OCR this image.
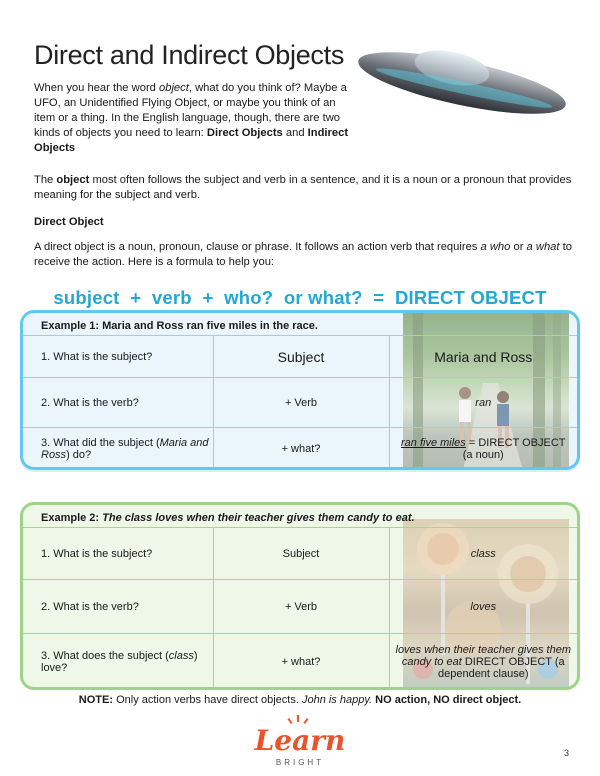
Direct and Indirect Objects
When you hear the word object, what do you think of? Maybe a UFO, an Unidentified Flying Object, or maybe you think of an item or a thing. In the English language, though, there are two kinds of objects you need to learn: Direct Objects and Indirect Objects
The object most often follows the subject and verb in a sentence, and it is a noun or a pronoun that provides meaning for the subject and verb.
Direct Object
A direct object is a noun, pronoun, clause or phrase. It follows an action verb that requires a who or a what to receive the action. Here is a formula to help you:
subject  +  verb  +  who?  or what?  =  DIRECT OBJECT
Example 1: Maria and Ross ran five miles in the race.
1. What is the subject?	Subject	Maria and Ross
2. What is the verb?	+ Verb	ran
3. What did the subject (Maria and Ross) do?	+ what?	ran five miles = DIRECT OBJECT (a noun)
Example 2: The class loves when their teacher gives them candy to eat.
1. What is the subject?	Subject	class
2. What is the verb?	+ Verb	loves
3. What does the subject (class) love?	+ what?	loves when their teacher gives them candy to eat DIRECT OBJECT (a dependent clause)
NOTE: Only action verbs have direct objects. John is happy. NO action, NO direct object.
Learn
BRIGHT
3
